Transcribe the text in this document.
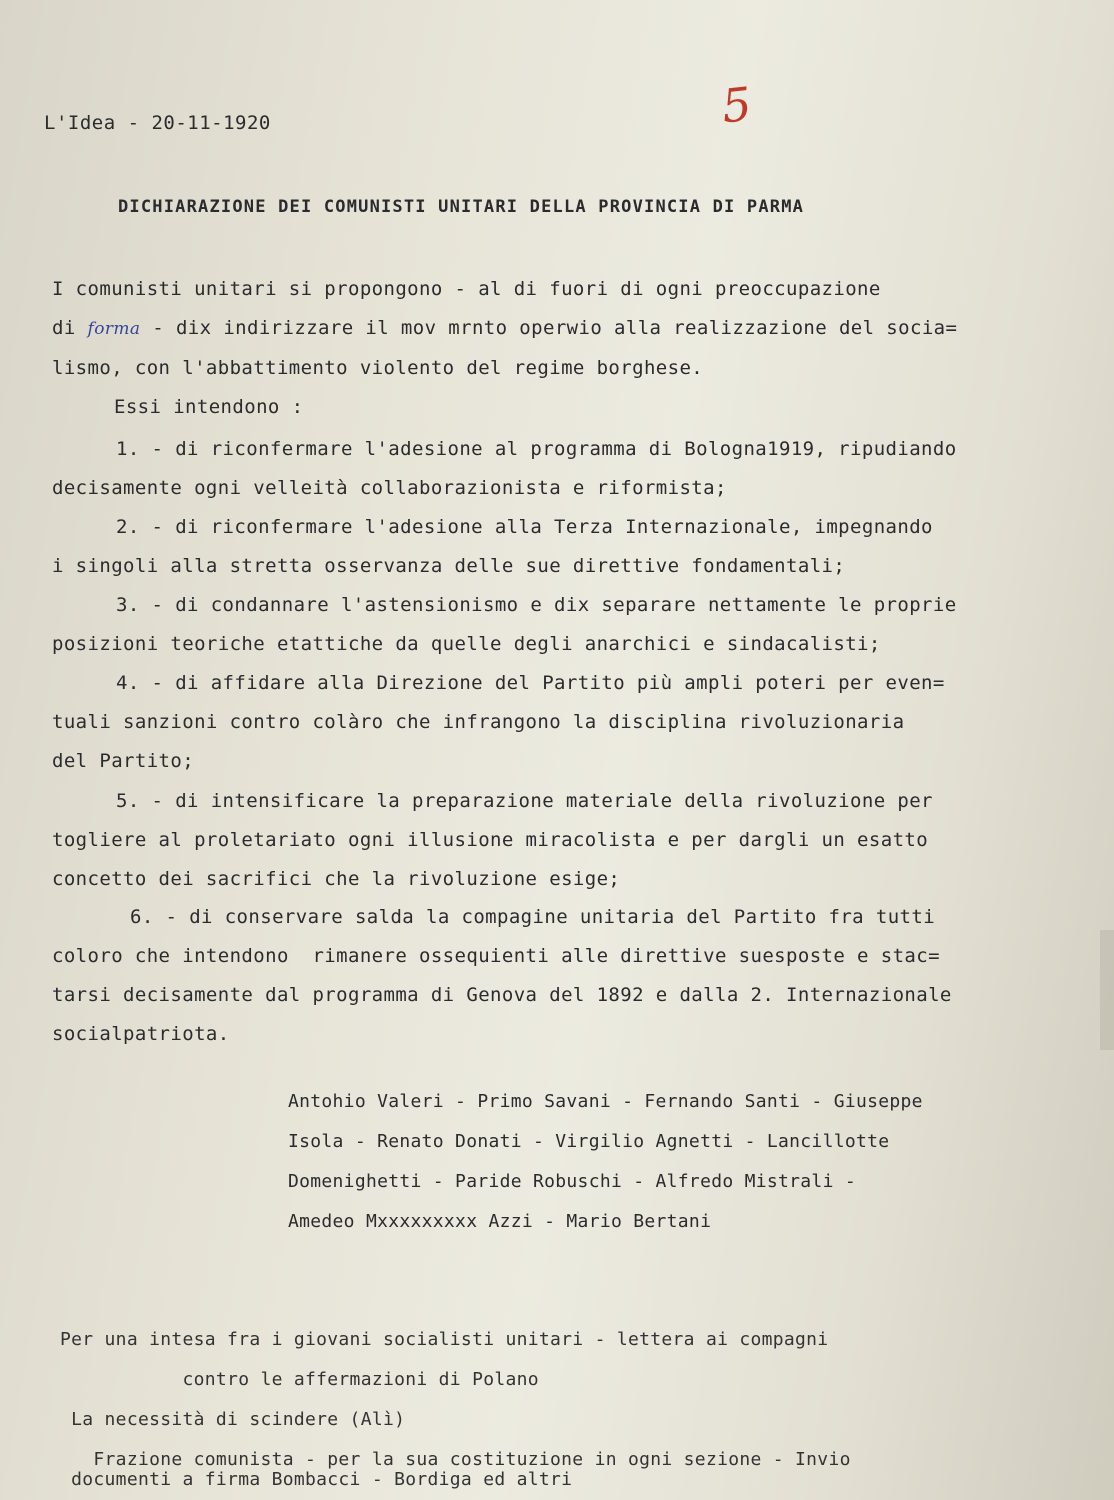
L'Idea - 20-11-1920	5
DICHIARAZIONE DEI COMUNISTI UNITARI DELLA PROVINCIA DI PARMA
I comunisti unitari si propongono - al di fuori di ogni preoccupazione
di forma - dix indirizzare il mov mrnto operwio alla realizzazione del socia=
lismo, con l'abbattimento violento del regime borghese.
Essi intendono :
1. - di riconfermare l'adesione al programma di Bologna1919, ripudiando
decisamente ogni velleità collaborazionista e riformista;
2. - di riconfermare l'adesione alla Terza Internazionale, impegnando
i singoli alla stretta osservanza delle sue direttive fondamentali;
3. - di condannare l'astensionismo e dix separare nettamente le proprie
posizioni teoriche etattiche da quelle degli anarchici e sindacalisti;
4. - di affidare alla Direzione del Partito più ampli poteri per even=
tuali sanzioni contro colàro che infrangono la disciplina rivoluzionaria
del Partito;
5. - di intensificare la preparazione materiale della rivoluzione per
togliere al proletariato ogni illusione miracolista e per dargli un esatto
concetto dei sacrifici che la rivoluzione esige;
6. - di conservare salda la compagine unitaria del Partito fra tutti
coloro che intendono  rimanere ossequienti alle direttive suesposte e stac=
tarsi decisamente dal programma di Genova del 1892 e dalla 2. Internazionale
socialpatriota.
Antohio Valeri - Primo Savani - Fernando Santi - Giuseppe
Isola - Renato Donati - Virgilio Agnetti - Lancillotte
Domenighetti - Paride Robuschi - Alfredo Mistrali -
Amedeo Mxxxxxxxxx Azzi - Mario Bertani
Per una intesa fra i giovani socialisti unitari - lettera ai compagni

contro le affermazioni di Polano

La necessità di scindere (Alì)

Frazione comunista - per la sua costituzione in ogni sezione - Invio
documenti a firma Bombacci - Bordiga ed altri
